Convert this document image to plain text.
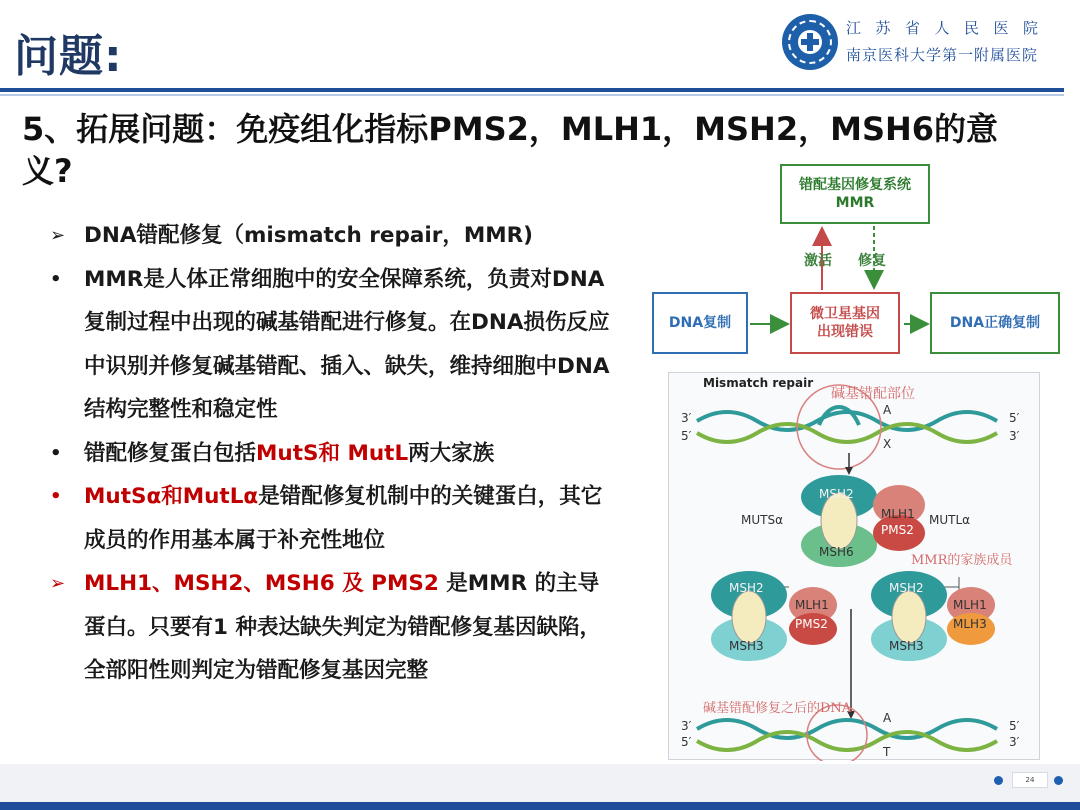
问题:
江苏省人民医院
南京医科大学第一附属医院
5、拓展问题：免疫组化指标PMS2，MLH1，MSH2，MSH6的意义?
➢ DNA错配修复（mismatch repair，MMR)
•	MMR是人体正常细胞中的安全保障系统，负责对DNA 复制过程中出现的碱基错配进行修复。在DNA损伤反应中识别并修复碱基错配、插入、缺失，维持细胞中DNA结构完整性和稳定性
•	错配修复蛋白包括MutS和 MutL两大家族
•	MutSα和MutLα是错配修复机制中的关键蛋白，其它成员的作用基本属于补充性地位
➢ MLH1、MSH2、MSH6 及 PMS2 是MMR 的主导蛋白。只要有1 种表达缺失判定为错配修复基因缺陷，全部阳性则判定为错配修复基因完整
错配基因修复系统
MMR
激活 修复
DNA复制
微卫星基因
出现错误
DNA正确复制
Mismatch repair
碱基错配部位
3′
5′
5′
3′
A
X
MUTSα	MUTLα
MSH2
MSH6
MLH1
PMS2
MMR的家族成员
MSH2
MSH3
MLH1
PMS2
MSH2
MSH3
MLH1
MLH3
碱基错配修复之后的DNA
A
3′
5′
5′
3′
T
24
